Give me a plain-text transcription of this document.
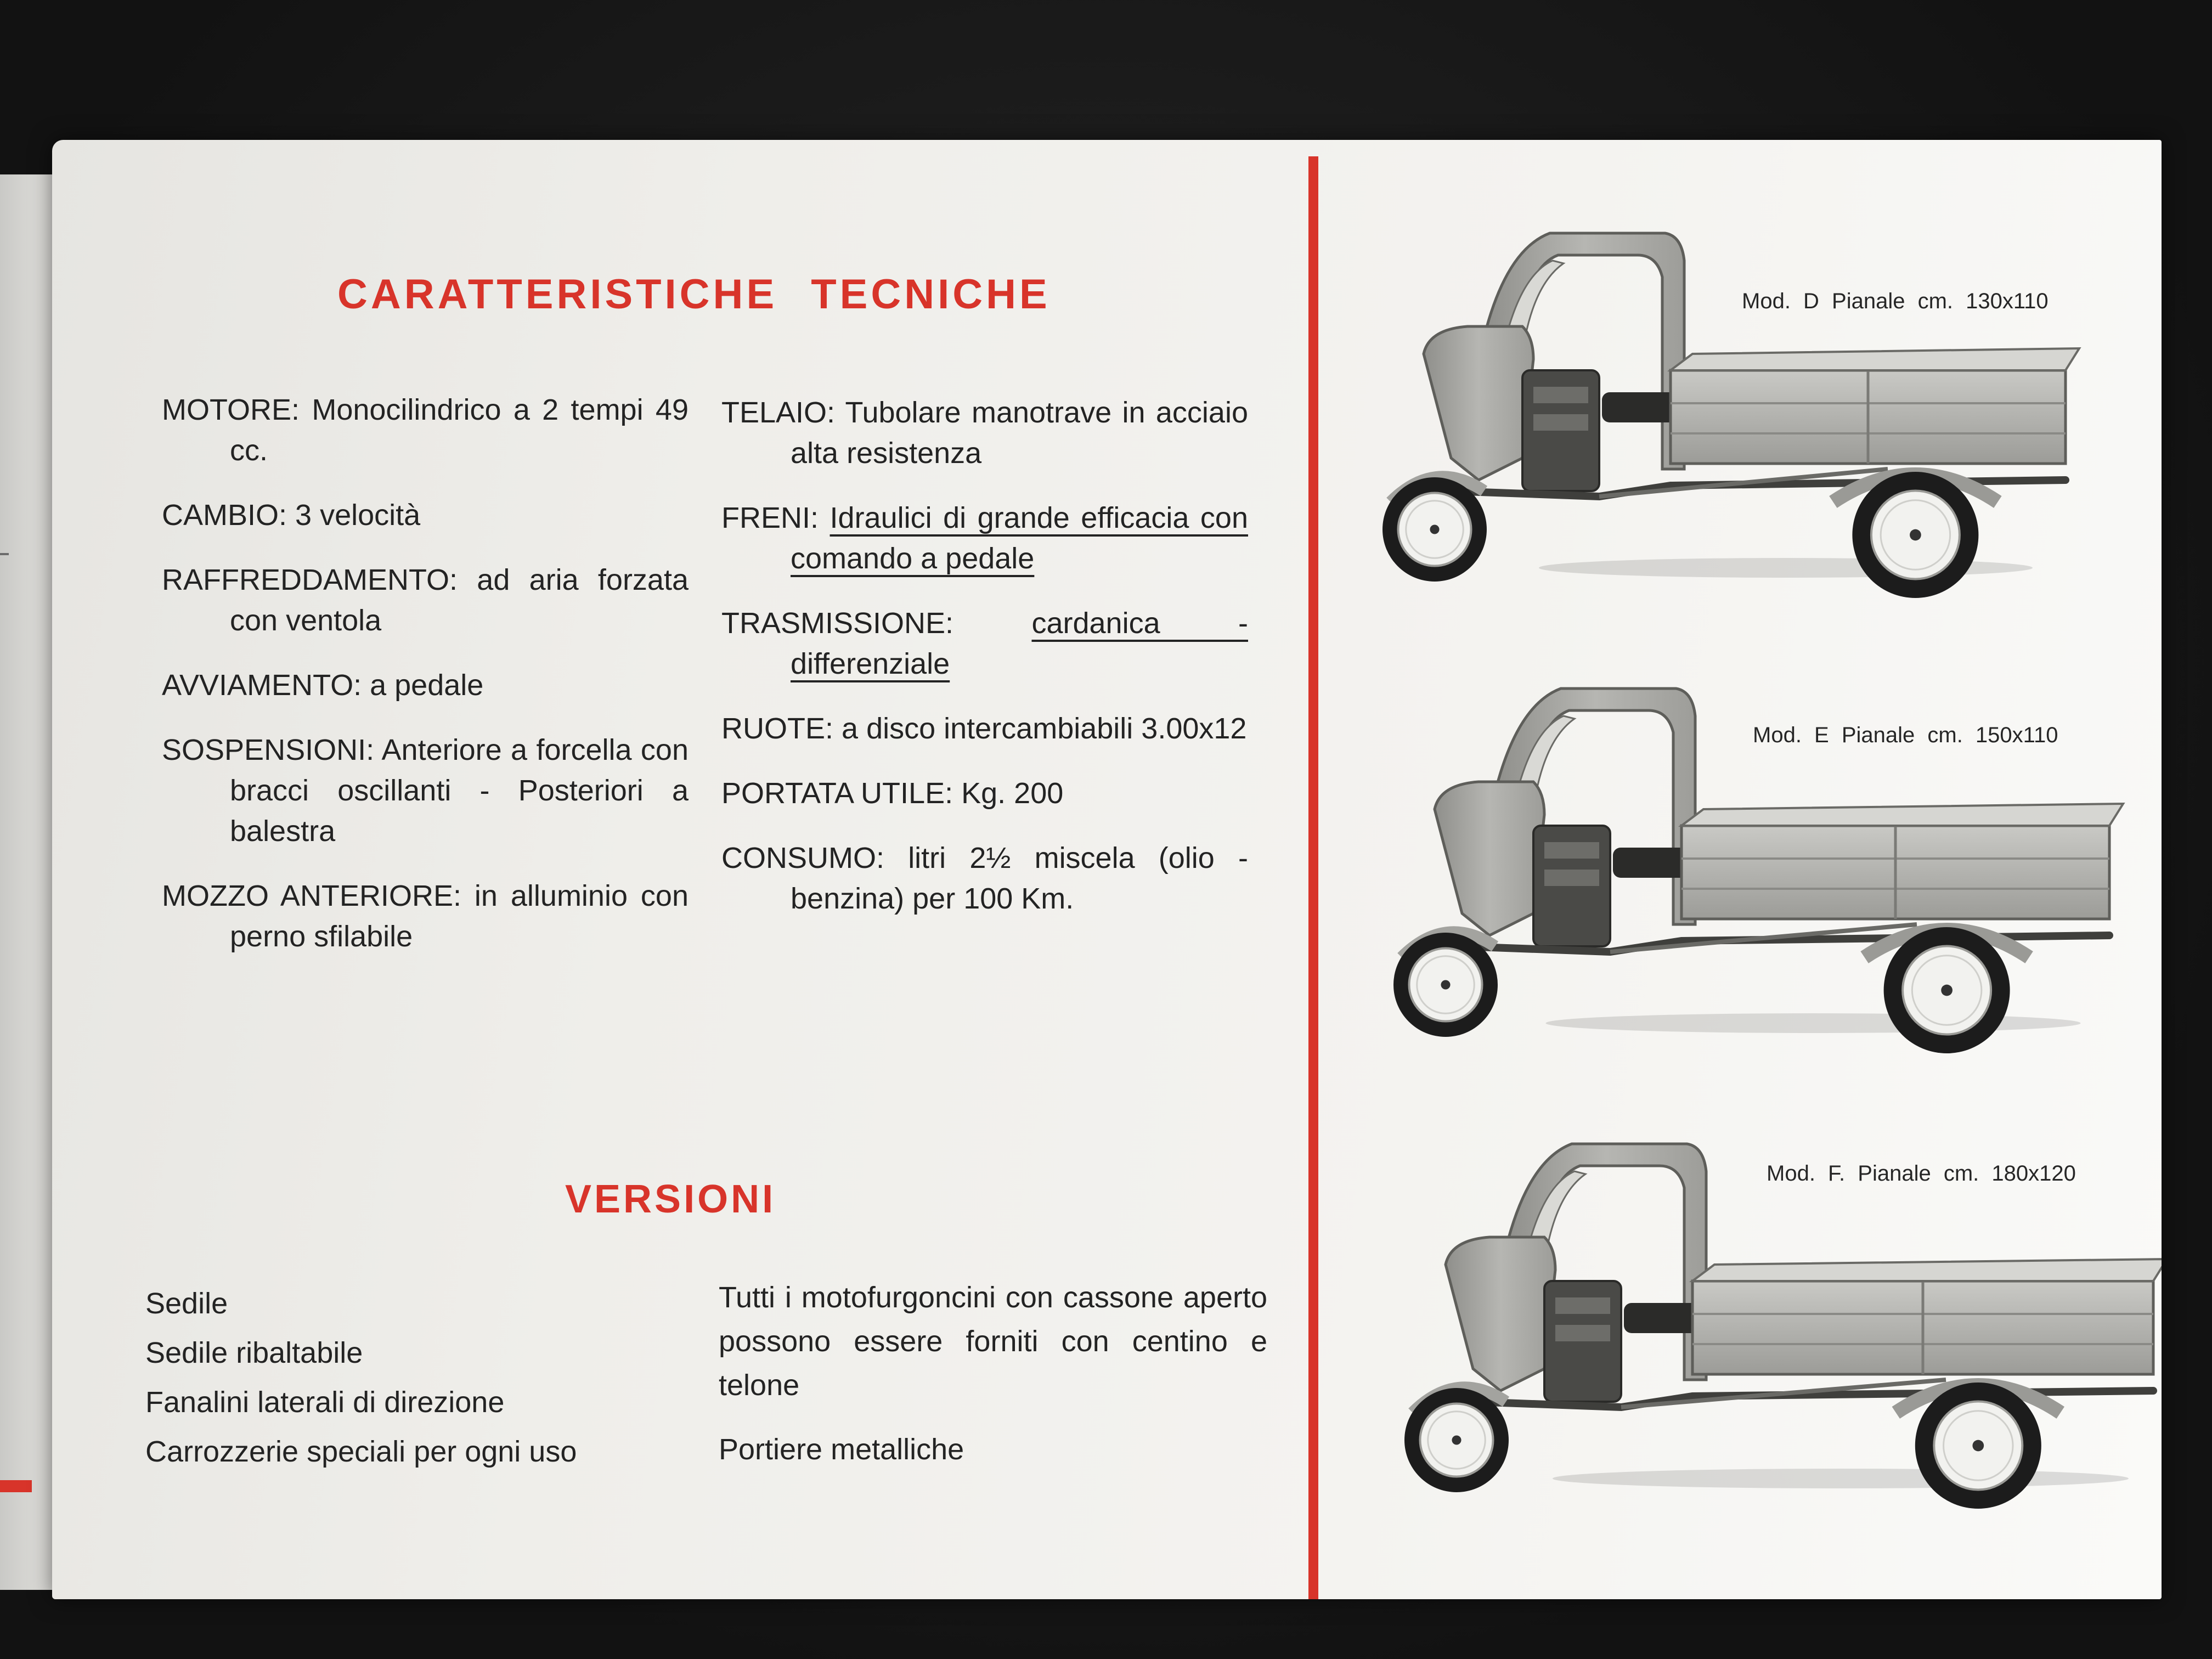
CARATTERISTICHE TECNICHE

MOTORE: Monocilindrico a 2 tempi 49 cc.

CAMBIO: 3 velocità

RAFFREDDAMENTO: ad aria forzata con ventola

AVVIAMENTO: a pedale

SOSPENSIONI: Anteriore a forcella con bracci oscillanti - Posteriori a balestra

MOZZO ANTERIORE: in alluminio con perno sfilabile

TELAIO: Tubolare manotrave in acciaio alta resistenza

FRENI: Idraulici di grande efficacia con comando a pedale

TRASMISSIONE:	cardanica - differenziale

RUOTE: a disco intercambiabili 3.00x12

PORTATA UTILE: Kg. 200

CONSUMO: litri 2½ miscela (olio - benzina) per 100 Km.

VERSIONI

Sedile

Sedile ribaltabile

Fanalini laterali di direzione

Carrozzerie speciali per ogni uso

Tutti i motofurgoncini con cassone aperto possono essere forniti con centino e telone

Portiere metalliche

Mod. D Pianale cm. 130x110
Mod. E Pianale cm. 150x110
Mod. F. Pianale cm. 180x120
